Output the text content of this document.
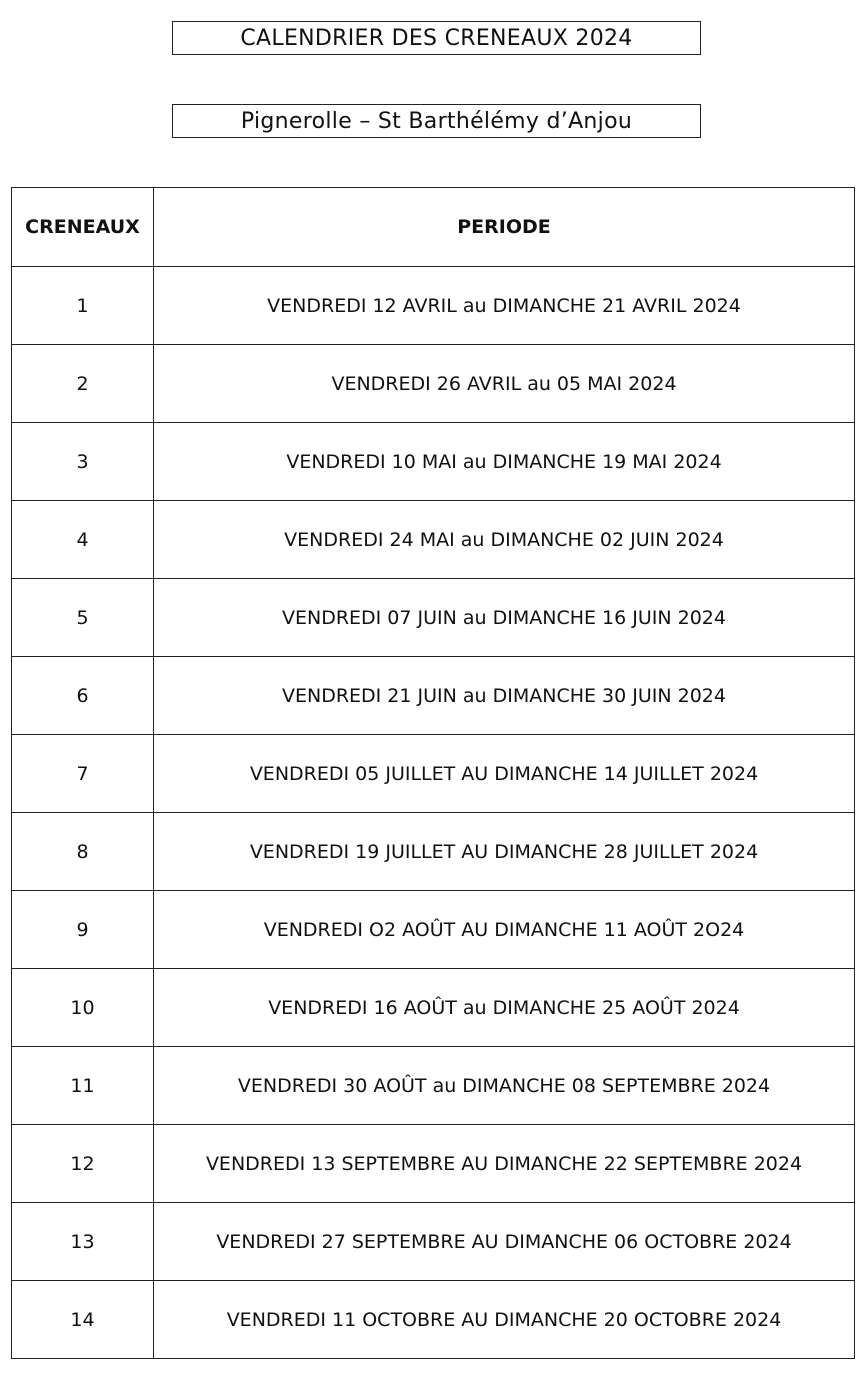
CALENDRIER DES CRENEAUX 2024
Pignerolle – St Barthélémy d’Anjou
CRENEAUX	PERIODE
1	VENDREDI 12 AVRIL au DIMANCHE 21 AVRIL 2024
2	VENDREDI 26 AVRIL au 05 MAI 2024
3	VENDREDI 10 MAI au DIMANCHE 19 MAI 2024
4	VENDREDI 24 MAI au DIMANCHE 02 JUIN 2024
5	VENDREDI 07 JUIN au DIMANCHE 16 JUIN 2024
6	VENDREDI 21 JUIN au DIMANCHE 30 JUIN 2024
7	VENDREDI 05 JUILLET AU DIMANCHE 14 JUILLET 2024
8	VENDREDI 19 JUILLET AU DIMANCHE 28 JUILLET 2024
9	VENDREDI O2 AOÛT AU DIMANCHE 11 AOÛT 2O24
10	VENDREDI 16 AOÛT au DIMANCHE 25 AOÛT 2024
11	VENDREDI 30 AOÛT au DIMANCHE 08 SEPTEMBRE 2024
12	VENDREDI 13 SEPTEMBRE AU DIMANCHE 22 SEPTEMBRE 2024
13	VENDREDI 27 SEPTEMBRE AU DIMANCHE 06 OCTOBRE 2024
14	VENDREDI 11 OCTOBRE AU DIMANCHE 20 OCTOBRE 2024
